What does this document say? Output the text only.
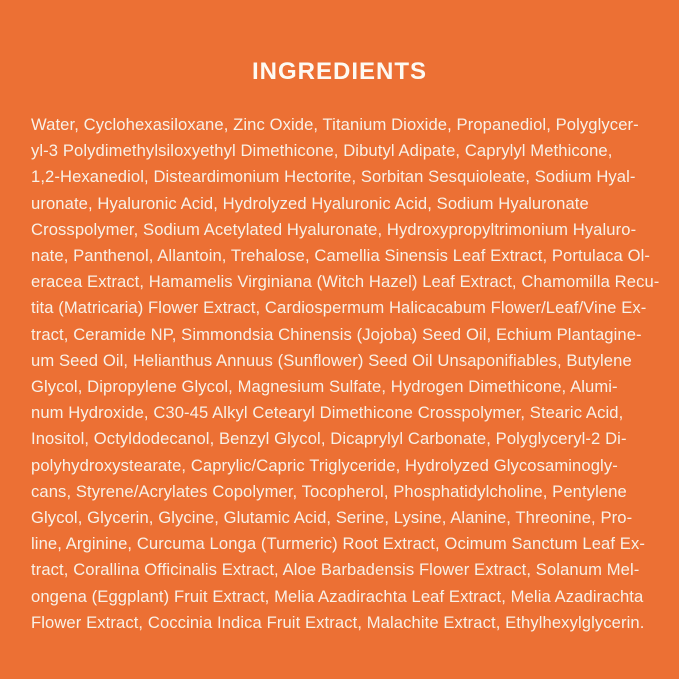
INGREDIENTS
Water, Cyclohexasiloxane, Zinc Oxide, Titanium Dioxide, Propanediol, Polyglycer-
yl-3 Polydimethylsiloxyethyl Dimethicone, Dibutyl Adipate, Caprylyl Methicone,
1,2-Hexanediol, Disteardimonium Hectorite, Sorbitan Sesquioleate, Sodium Hyal-
uronate, Hyaluronic Acid, Hydrolyzed Hyaluronic Acid, Sodium Hyaluronate
Crosspolymer, Sodium Acetylated Hyaluronate, Hydroxypropyltrimonium Hyaluro-
nate, Panthenol, Allantoin, Trehalose, Camellia Sinensis Leaf Extract, Portulaca Ol-
eracea Extract, Hamamelis Virginiana (Witch Hazel) Leaf Extract, Chamomilla Recu-
tita (Matricaria) Flower Extract, Cardiospermum Halicacabum Flower/Leaf/Vine Ex-
tract, Ceramide NP, Simmondsia Chinensis (Jojoba) Seed Oil, Echium Plantagine-
um Seed Oil, Helianthus Annuus (Sunflower) Seed Oil Unsaponifiables, Butylene
Glycol, Dipropylene Glycol, Magnesium Sulfate, Hydrogen Dimethicone, Alumi-
num Hydroxide, C30-45 Alkyl Cetearyl Dimethicone Crosspolymer, Stearic Acid,
Inositol, Octyldodecanol, Benzyl Glycol, Dicaprylyl Carbonate, Polyglyceryl-2 Di-
polyhydroxystearate, Caprylic/Capric Triglyceride, Hydrolyzed Glycosaminogly-
cans, Styrene/Acrylates Copolymer, Tocopherol, Phosphatidylcholine, Pentylene
Glycol, Glycerin, Glycine, Glutamic Acid, Serine, Lysine, Alanine, Threonine, Pro-
line, Arginine, Curcuma Longa (Turmeric) Root Extract, Ocimum Sanctum Leaf Ex-
tract, Corallina Officinalis Extract, Aloe Barbadensis Flower Extract, Solanum Mel-
ongena (Eggplant) Fruit Extract, Melia Azadirachta Leaf Extract, Melia Azadirachta
Flower Extract, Coccinia Indica Fruit Extract, Malachite Extract, Ethylhexylglycerin.
